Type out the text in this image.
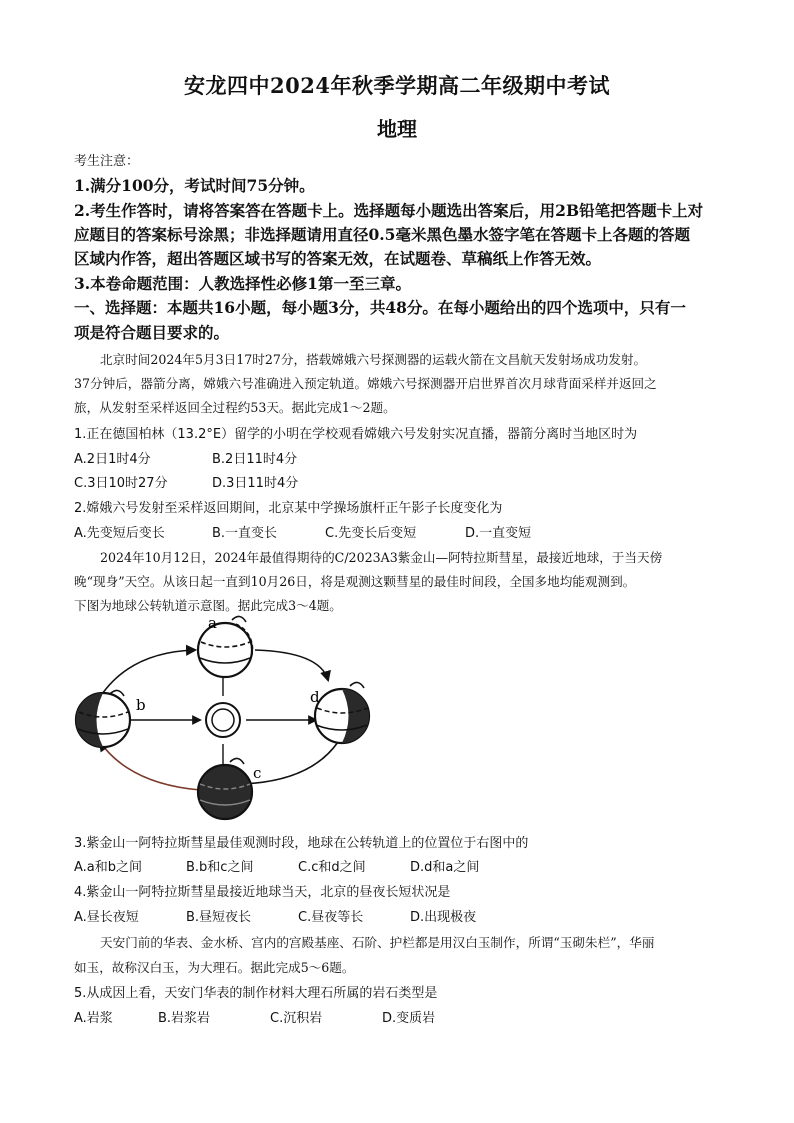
安龙四中2024年秋季学期高二年级期中考试
地理
考生注意：
1.满分100分，考试时间75分钟。
2.考生作答时，请将答案答在答题卡上。选择题每小题选出答案后，用2B铅笔把答题卡上对
应题目的答案标号涂黑；非选择题请用直径0.5毫米黑色墨水签字笔在答题卡上各题的答题
区域内作答，超出答题区域书写的答案无效，在试题卷、草稿纸上作答无效。
3.本卷命题范围：人教选择性必修1第一至三章。
一、选择题：本题共16小题，每小题3分，共48分。在每小题给出的四个选项中，只有一
项是符合题目要求的。
北京时间2024年5月3日17时27分，搭载嫦娥六号探测器的运载火箭在文昌航天发射场成功发射。
37分钟后，器箭分离，嫦娥六号准确进入预定轨道。嫦娥六号探测器开启世界首次月球背面采样并返回之
旅，从发射至采样返回全过程约53天。据此完成1～2题。
1.正在德国柏林（13.2°E）留学的小明在学校观看嫦娥六号发射实况直播，器箭分离时当地区时为
A.2日1时4分	B.2日11时4分
C.3日10时27分	D.3日11时4分
2.嫦娥六号发射至采样返回期间，北京某中学操场旗杆正午影子长度变化为
A.先变短后变长	B.一直变长	C.先变长后变短	D.一直变短
2024年10月12日，2024年最值得期待的C/2023A3紫金山—阿特拉斯彗星，最接近地球，于当天傍
晚“现身”天空。从该日起一直到10月26日，将是观测这颗彗星的最佳时间段，全国多地均能观测到。
下图为地球公转轨道示意图。据此完成3～4题。
a
b
c
d
3.紫金山一阿特拉斯彗星最佳观测时段，地球在公转轨道上的位置位于右图中的
A.a和b之间	B.b和c之间	C.c和d之间	D.d和a之间
4.紫金山一阿特拉斯彗星最接近地球当天，北京的昼夜长短状况是
A.昼长夜短	B.昼短夜长	C.昼夜等长	D.出现极夜
天安门前的华表、金水桥、宫内的宫殿基座、石阶、护栏都是用汉白玉制作，所谓“玉砌朱栏”，华丽
如玉，故称汉白玉，为大理石。据此完成5～6题。
5.从成因上看，天安门华表的制作材料大理石所属的岩石类型是
A.岩浆	B.岩浆岩	C.沉积岩	D.变质岩
